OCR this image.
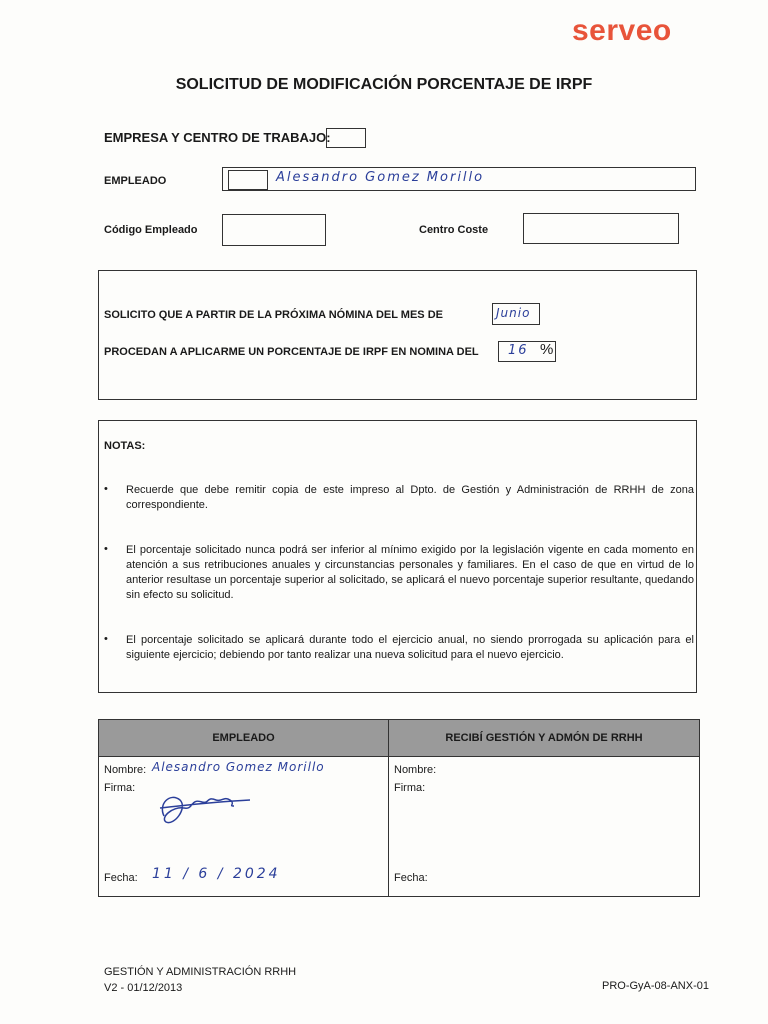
serveo
SOLICITUD DE MODIFICACIÓN PORCENTAJE DE IRPF
EMPRESA Y CENTRO DE TRABAJO:
EMPLEADO	Alesandro Gomez Morillo
Código Empleado	Centro Coste
SOLICITO QUE A PARTIR DE LA PRÓXIMA NÓMINA DEL MES DE	Junio
PROCEDAN A APLICARME UN PORCENTAJE DE IRPF EN NOMINA DEL 16 %
NOTAS:
• Recuerde que debe remitir copia de este impreso al Dpto. de Gestión y Administración de RRHH de zona correspondiente.
• El porcentaje solicitado nunca podrá ser inferior al mínimo exigido por la legislación vigente en cada momento en atención a sus retribuciones anuales y circunstancias personales y familiares. En el caso de que en virtud de lo anterior resultase un porcentaje superior al solicitado, se aplicará el nuevo porcentaje superior resultante, quedando sin efecto su solicitud.
• El porcentaje solicitado se aplicará durante todo el ejercicio anual, no siendo prorrogada su aplicación para el siguiente ejercicio; debiendo por tanto realizar una nueva solicitud para el nuevo ejercicio.
EMPLEADO	RECIBÍ GESTIÓN Y ADMÓN DE RRHH
Nombre: Alesandro Gomez Morillo
Firma:
Fecha: 11 / 6 / 2024
Nombre:
Firma:
Fecha:
GESTIÓN Y ADMINISTRACIÓN RRHH
V2 - 01/12/2013	PRO-GyA-08-ANX-01
